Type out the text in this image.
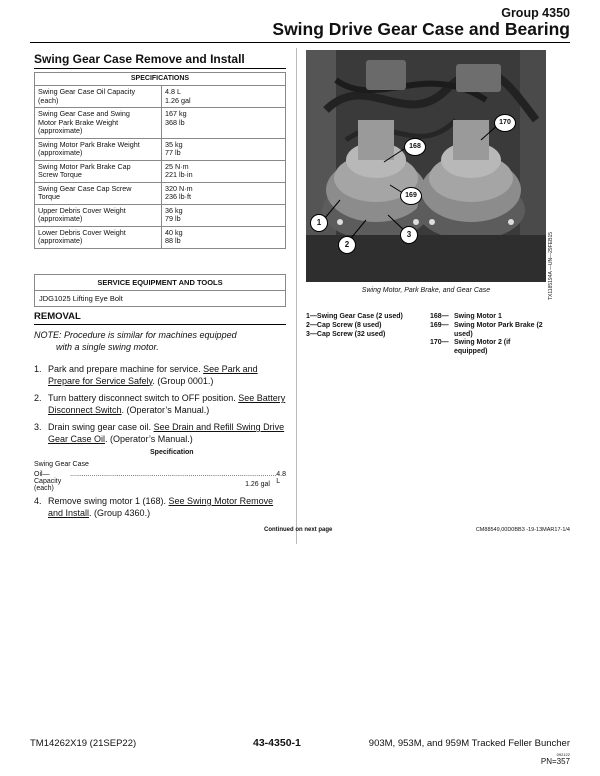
Group 4350
Swing Drive Gear Case and Bearing
Swing Gear Case Remove and Install
SPECIFICATIONS	
Swing Gear Case Oil Capacity
(each)	4.8 L
1.26 gal
Swing Gear Case and Swing
Motor Park Brake Weight
(approximate)	167 kg
368 lb
Swing Motor Park Brake Weight
(approximate)	35 kg
77 lb
Swing Motor Park Brake Cap
Screw Torque	25 N·m
221 lb·in
Swing Gear Case Cap Screw
Torque	320 N·m
236 lb·ft
Upper Debris Cover Weight
(approximate)	36 kg
79 lb
Lower Debris Cover Weight
(approximate)	40 kg
88 lb
SERVICE EQUIPMENT AND TOOLS
JDG1025 Lifting Eye Bolt
REMOVAL
NOTE: Procedure is similar for machines equipped
with a single swing motor.
1. Park and prepare machine for service. See Park and Prepare for Service Safely. (Group 0001.)
2. Turn battery disconnect switch to OFF position. See Battery Disconnect Switch. (Operator’s Manual.)
3. Drain swing gear case oil. See Drain and Refill Swing Drive Gear Case Oil. (Operator’s Manual.)
Specification
Swing Gear Case
Oil—Capacity (each)
.......................................................................................................... 4.8 L
1.26 gal
4. Remove swing motor 1 (168). See Swing Motor Remove and Install. (Group 4360.)
Continued on next page	CM88549,00D0BB3 -19-13MAR17-1/4
1
2
3
168
169
170
TX1185194A —UN—29FEB15
Swing Motor, Park Brake, and Gear Case
1— Swing Gear Case (2 used)
2— Cap Screw (8 used)
3— Cap Screw (32 used)
168— Swing Motor 1
169— Swing Motor Park Brake (2 used)
170— Swing Motor 2 (if equipped)
TM14262X19 (21SEP22)	43-4350-1	903M, 953M, and 959M Tracked Feller Buncher
092122
PN=357
